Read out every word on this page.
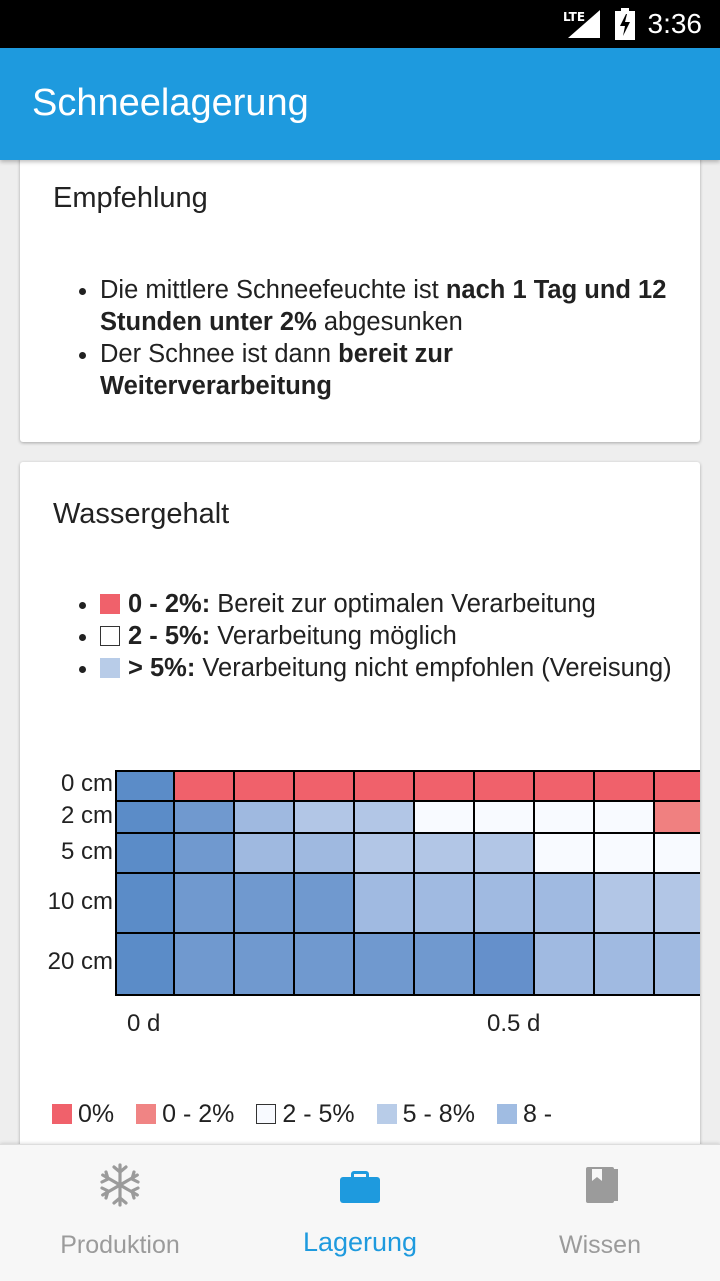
LTE 3:36
Schneelagerung
Empfehlung
• Die mittlere Schneefeuchte ist nach 1 Tag und 12 Stunden unter 2% abgesunken
• Der Schnee ist dann bereit zur Weiterverarbeitung
Wassergehalt
• 0 - 2%: Bereit zur optimalen Verarbeitung
• 2 - 5%: Verarbeitung möglich
• > 5%: Verarbeitung nicht empfohlen (Vereisung)
0 cm
2 cm
5 cm
10 cm
20 cm
0 d	0.5 d
0% 0 - 2% 2 - 5% 5 - 8% 8 -
Produktion	Lagerung	Wissen
